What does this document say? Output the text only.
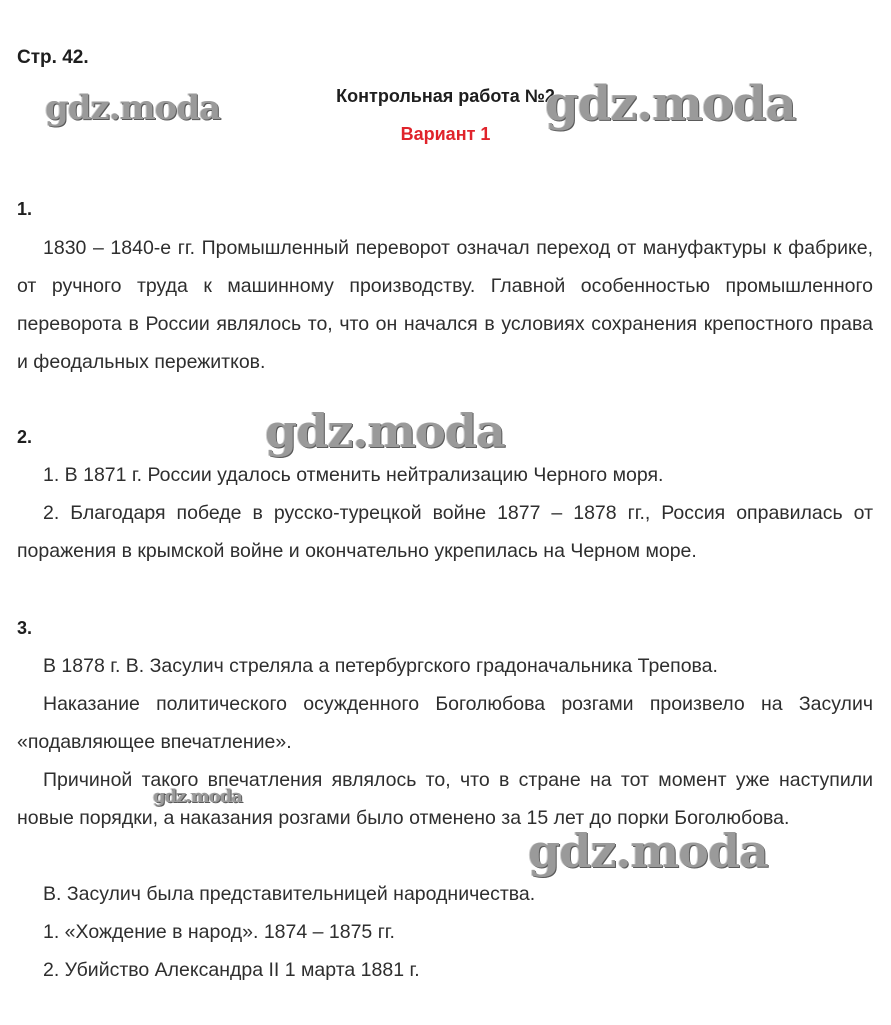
Стр. 42.
Контрольная работа №2
Вариант 1
1.

1830 – 1840-е гг. Промышленный переворот означал переход от мануфактуры к фабрике, от ручного труда к машинному производству. Главной особенностью промышленного переворота в России являлось то, что он начался в условиях сохранения крепостного права и феодальных пережитков.

2.

1. В 1871 г. России удалось отменить нейтрализацию Черного моря.

2. Благодаря победе в русско-турецкой войне 1877 – 1878 гг., Россия оправилась от поражения в крымской войне и окончательно укрепилась на Черном море.

3.

В 1878 г. В. Засулич стреляла а петербургского градоначальника Трепова.

Наказание политического осужденного Боголюбова розгами произвело на Засулич «подавляющее впечатление».

Причиной такого впечатления являлось то, что в стране на тот момент уже наступили новые порядки, а наказания розгами было отменено за 15 лет до порки Боголюбова.

В. Засулич была представительницей народничества.

1. «Хождение в народ». 1874 – 1875 гг.

2. Убийство Александра II 1 марта 1881 г.

gdz.moda	gdz.moda
gdz.moda
gdz.moda
gdz.moda
